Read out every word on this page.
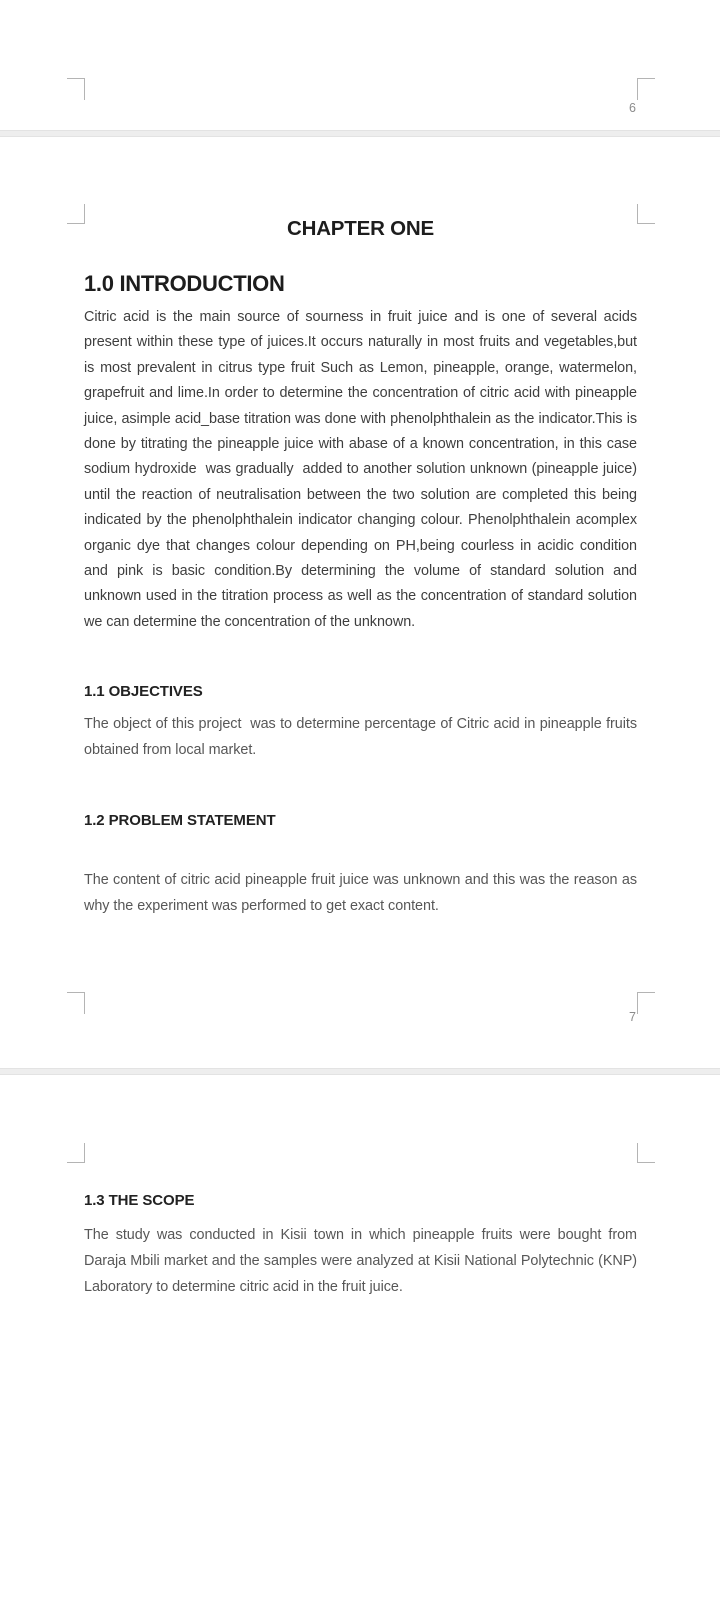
6
CHAPTER ONE
1.0 INTRODUCTION
Citric acid is the main source of sourness in fruit juice and is one of several acids present within these type of juices.It occurs naturally in most fruits and vegetables,but is most prevalent in citrus type fruit Such as Lemon, pineapple, orange, watermelon, grapefruit and lime.In order to determine the concentration of citric acid with pineapple juice, asimple acid_base titration was done with phenolphthalein as the indicator.This is done by titrating the pineapple juice with abase of a known concentration, in this case sodium hydroxide  was gradually  added to another solution unknown (pineapple juice) until the reaction of neutralisation between the two solution are completed this being indicated by the phenolphthalein indicator changing colour. Phenolphthalein acomplex organic dye that changes colour depending on PH,being courless in acidic condition and pink is basic condition.By determining the volume of standard solution and unknown used in the titration process as well as the concentration of standard solution we can determine the concentration of the unknown.
1.1 OBJECTIVES
The object of this project  was to determine percentage of Citric acid in pineapple fruits obtained from local market.
1.2 PROBLEM STATEMENT
The content of citric acid pineapple fruit juice was unknown and this was the reason as why the experiment was performed to get exact content.
7
1.3 THE SCOPE
The study was conducted in Kisii town in which pineapple fruits were bought from Daraja Mbili market and the samples were analyzed at Kisii National Polytechnic (KNP) Laboratory to determine citric acid in the fruit juice.
